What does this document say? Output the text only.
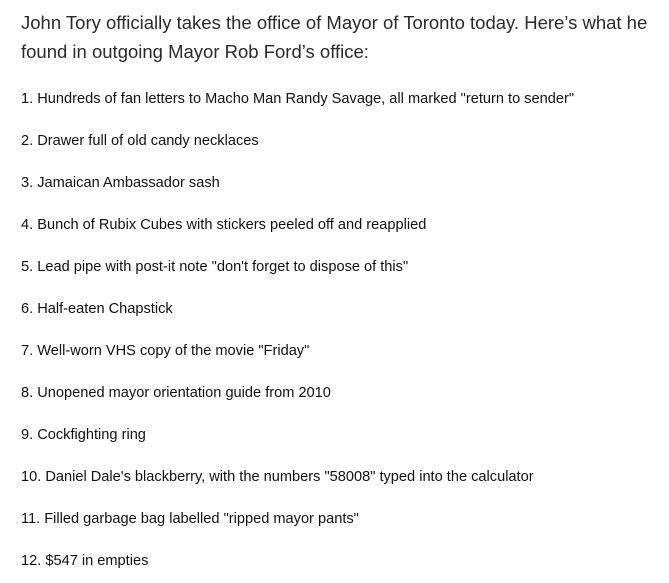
John Tory officially takes the office of Mayor of Toronto today. Here’s what he
found in outgoing Mayor Rob Ford’s office:
1. Hundreds of fan letters to Macho Man Randy Savage, all marked "return to sender"
2. Drawer full of old candy necklaces
3. Jamaican Ambassador sash
4. Bunch of Rubix Cubes with stickers peeled off and reapplied
5. Lead pipe with post-it note "don't forget to dispose of this"
6. Half-eaten Chapstick
7. Well-worn VHS copy of the movie "Friday"
8. Unopened mayor orientation guide from 2010
9. Cockfighting ring
10. Daniel Dale's blackberry, with the numbers "58008" typed into the calculator
11. Filled garbage bag labelled "ripped mayor pants"
12. $547 in empties
